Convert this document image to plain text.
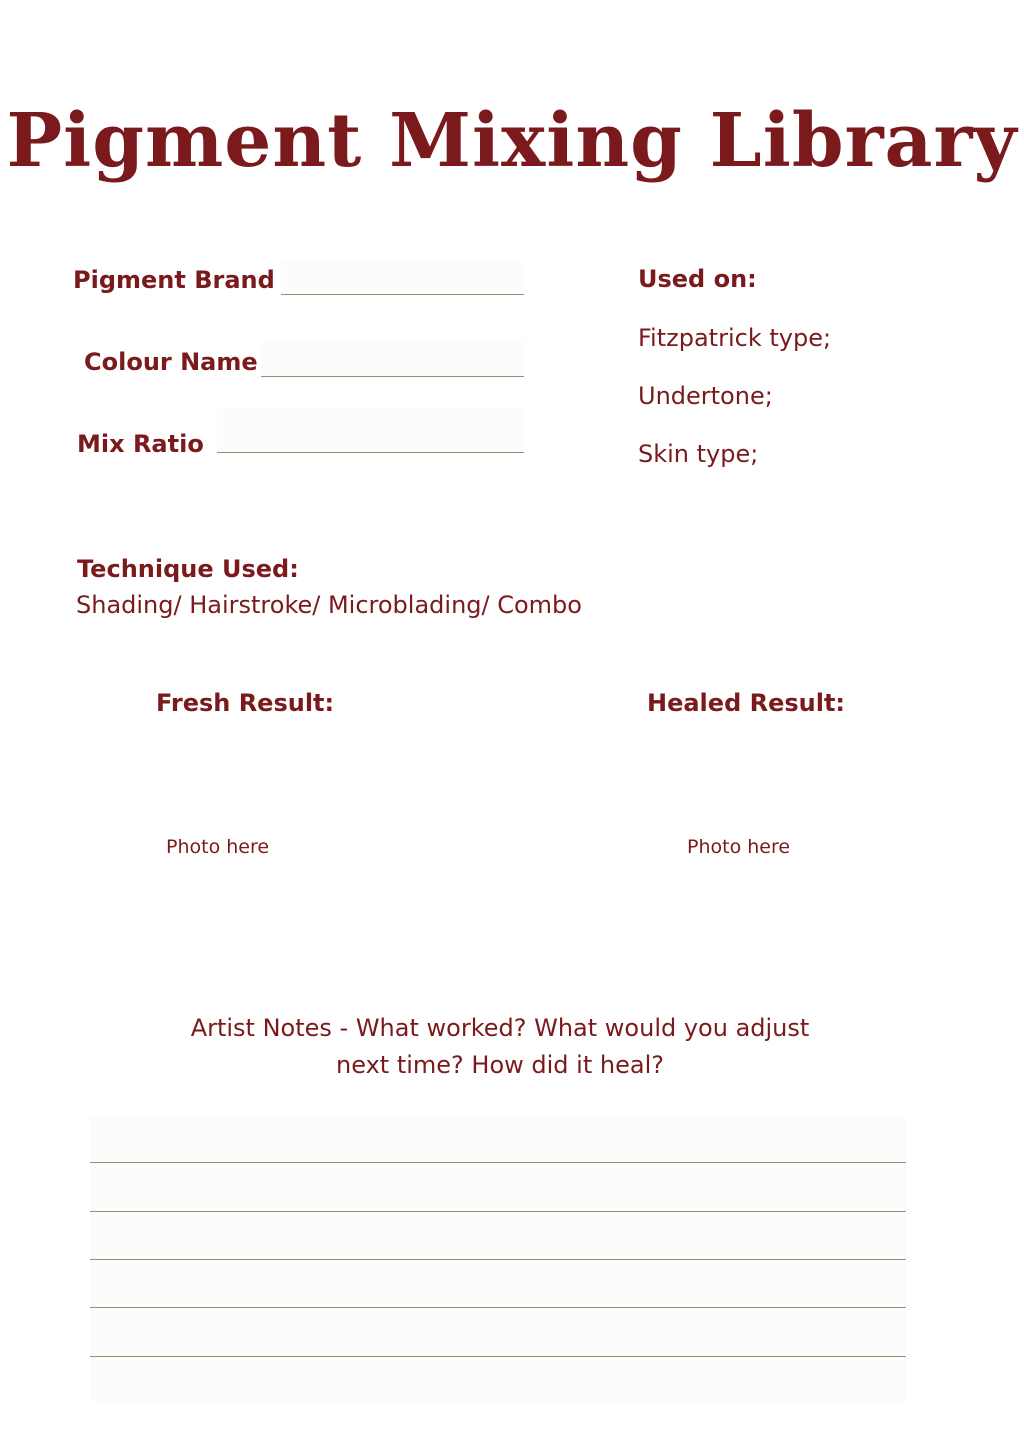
Pigment Mixing Library
Pigment Brand
Colour Name
Mix Ratio
Used on:
Fitzpatrick type;
Undertone;
Skin type;
Technique Used:
Shading/ Hairstroke/ Microblading/ Combo
Fresh Result:	Healed Result:
Photo here	Photo here
Artist Notes - What worked? What would you adjust
next time? How did it heal?
